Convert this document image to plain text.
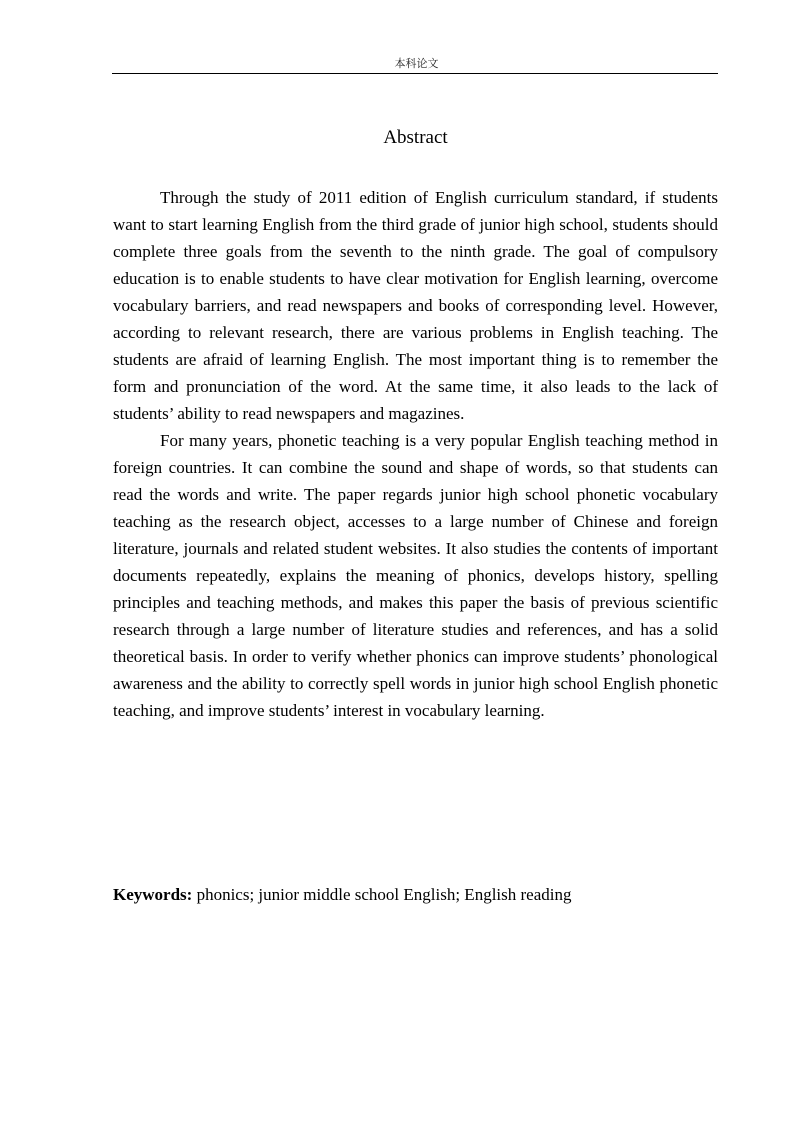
本科论文
Abstract

Through the study of 2011 edition of English curriculum standard, if students want to start learning English from the third grade of junior high school, students should complete three goals from the seventh to the ninth grade. The goal of compulsory education is to enable students to have clear motivation for English learning, overcome vocabulary barriers, and read newspapers and books of corresponding level. However, according to relevant research, there are various problems in English teaching. The students are afraid of learning English. The most important thing is to remember the form and pronunciation of the word. At the same time, it also leads to the lack of students’ ability to read newspapers and magazines.

For many years, phonetic teaching is a very popular English teaching method in foreign countries. It can combine the sound and shape of words, so that students can read the words and write. The paper regards junior high school phonetic vocabulary teaching as the research object, accesses to a large number of Chinese and foreign literature, journals and related student websites. It also studies the contents of important documents repeatedly, explains the meaning of phonics, develops history, spelling principles and teaching methods, and makes this paper the basis of previous scientific research through a large number of literature studies and references, and has a solid theoretical basis. In order to verify whether phonics can improve students’ phonological awareness and the ability to correctly spell words in junior high school English phonetic teaching, and improve students’ interest in vocabulary learning.

Keywords: phonics; junior middle school English; English reading
